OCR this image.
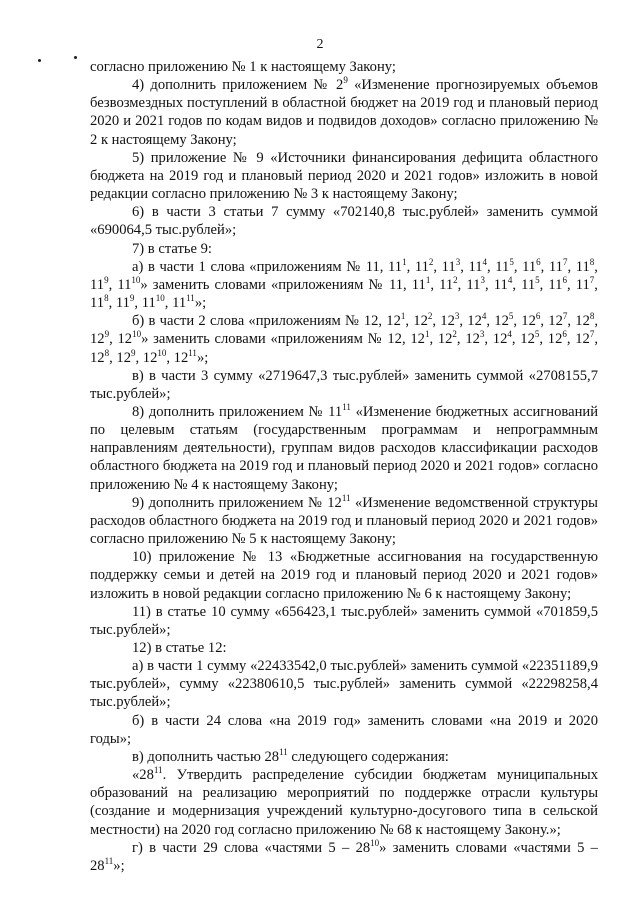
2

согласно приложению № 1 к настоящему Закону;

4) дополнить приложением № $2^9$ «Изменение прогнозируемых объемов безвозмездных поступлений в областной бюджет на 2019 год и плановый период 2020 и 2021 годов по кодам видов и подвидов доходов» согласно приложению № 2 к настоящему Закону;

5) приложение № 9 «Источники финансирования дефицита областного бюджета на 2019 год и плановый период 2020 и 2021 годов» изложить в новой редакции согласно приложению № 3 к настоящему Закону;

6) в части 3 статьи 7 сумму «702140,8 тыс.рублей» заменить суммой «690064,5 тыс.рублей»;

7) в статье 9:

а) в части 1 слова «приложениям № 11, $11^1$, $11^2$, $11^3$, $11^4$, $11^5$, $11^6$, $11^7$, $11^8$, $11^9$, $11^{10}$» заменить словами «приложениям № 11, $11^1$, $11^2$, $11^3$, $11^4$, $11^5$, $11^6$, $11^7$, $11^8$, $11^9$, $11^{10}$, $11^{11}$»;

б) в части 2 слова «приложениям № 12, $12^1$, $12^2$, $12^3$, $12^4$, $12^5$, $12^6$, $12^7$, $12^8$, $12^9$, $12^{10}$» заменить словами «приложениям № 12, $12^1$, $12^2$, $12^3$, $12^4$, $12^5$, $12^6$, $12^7$, $12^8$, $12^9$, $12^{10}$, $12^{11}$»;

в) в части 3 сумму «2719647,3 тыс.рублей» заменить суммой «2708155,7 тыс.рублей»;

8) дополнить приложением № $11^{11}$ «Изменение бюджетных ассигнований по целевым статьям (государственным программам и непрограммным направлениям деятельности), группам видов расходов классификации расходов областного бюджета на 2019 год и плановый период 2020 и 2021 годов» согласно приложению № 4 к настоящему Закону;

9) дополнить приложением № $12^{11}$ «Изменение ведомственной структуры расходов областного бюджета на 2019 год и плановый период 2020 и 2021 годов» согласно приложению № 5 к настоящему Закону;

10) приложение № 13 «Бюджетные ассигнования на государственную поддержку семьи и детей на 2019 год и плановый период 2020 и 2021 годов» изложить в новой редакции согласно приложению № 6 к настоящему Закону;

11) в статье 10 сумму «656423,1 тыс.рублей» заменить суммой «701859,5 тыс.рублей»;

12) в статье 12:

а) в части 1 сумму «22433542,0 тыс.рублей» заменить суммой «22351189,9 тыс.рублей», сумму «22380610,5 тыс.рублей» заменить суммой «22298258,4 тыс.рублей»;

б) в части 24 слова «на 2019 год» заменить словами «на 2019 и 2020 годы»;

в) дополнить частью $28^{11}$ следующего содержания:

«$28^{11}$. Утвердить распределение субсидии бюджетам муниципальных образований на реализацию мероприятий по поддержке отрасли культуры (создание и модернизация учреждений культурно-досугового типа в сельской местности) на 2020 год согласно приложению № 68 к настоящему Закону.»;

г) в части 29 слова «частями $5 - 28^{10}$» заменить словами «частями $5 - 28^{11}$»;
